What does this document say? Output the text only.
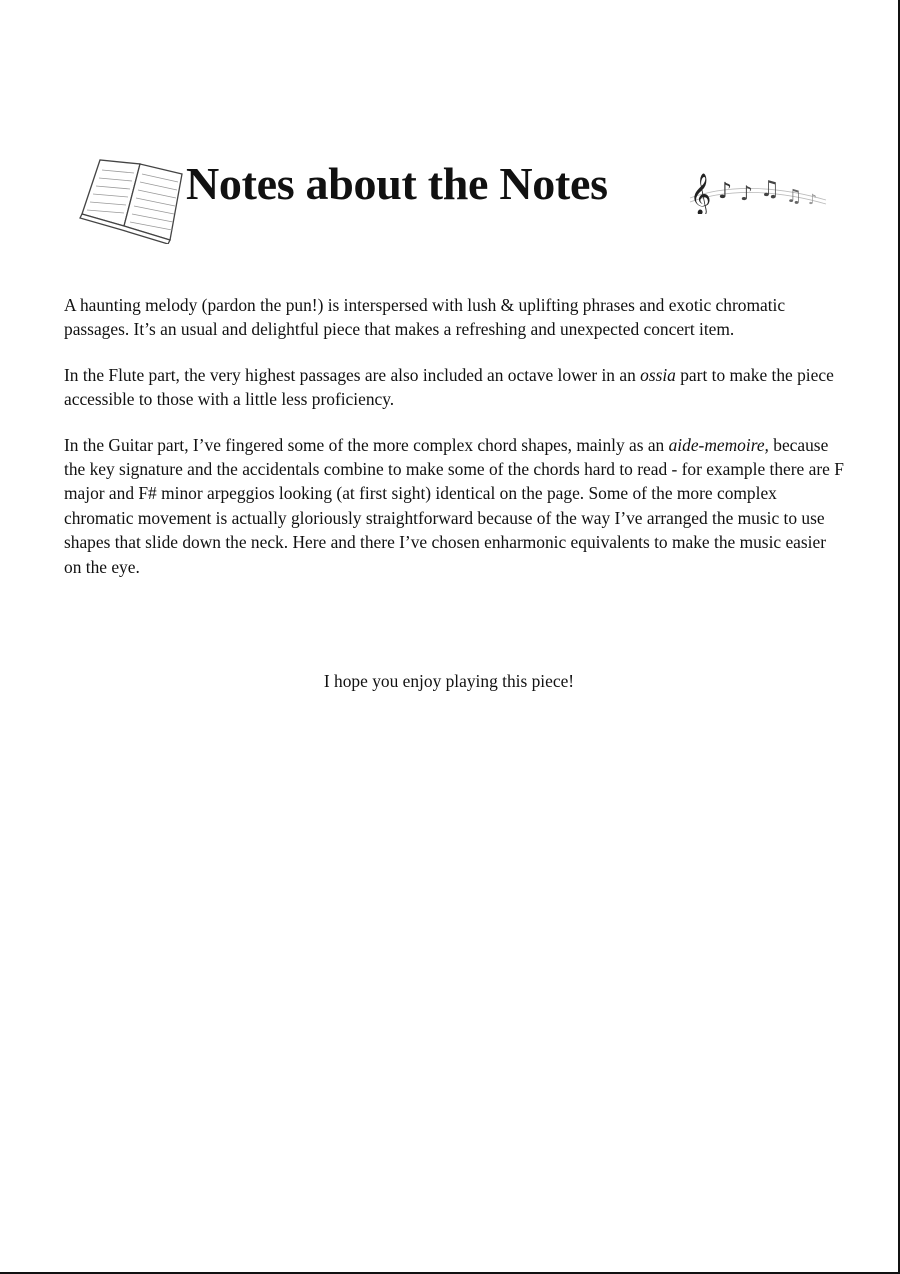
Notes about the Notes 𝄞 ♪ ♪ ♫ ♫ ♪

A haunting melody (pardon the pun!) is interspersed with lush & uplifting phrases and exotic chromatic passages. It’s an usual and delightful piece that makes a refreshing and unexpected concert item.

In the Flute part, the very highest passages are also included an octave lower in an ossia part to make the piece accessible to those with a little less proficiency.

In the Guitar part, I’ve fingered some of the more complex chord shapes, mainly as an aide-memoire, because the key signature and the accidentals combine to make some of the chords hard to read - for example there are F major and F# minor arpeggios looking (at first sight) identical on the page. Some of the more complex chromatic movement is actually gloriously straightforward because of the way I’ve arranged the music to use shapes that slide down the neck. Here and there I’ve chosen enharmonic equivalents to make the music easier on the eye.

I hope you enjoy playing this piece!
